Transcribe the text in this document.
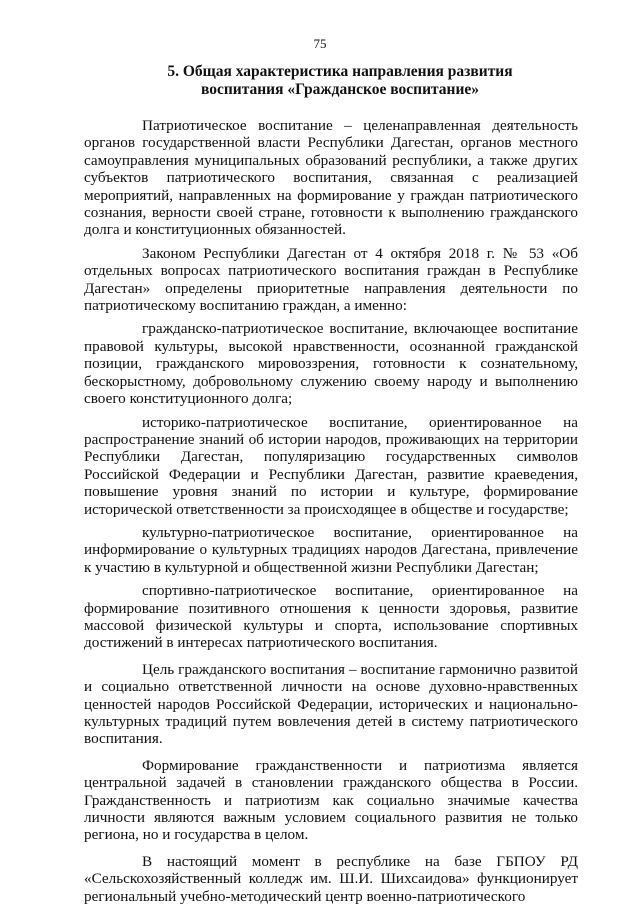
75
5. Общая характеристика направления развития
воспитания «Гражданское воспитание»

Патриотическое воспитание – целенаправленная деятельность органов государственной власти Республики Дагестан, органов местного самоуправления муниципальных образований республики, а также других субъектов патриотического воспитания, связанная с реализацией мероприятий, направленных на формирование у граждан патриотического сознания, верности своей стране, готовности к выполнению гражданского долга и конституционных обязанностей.

Законом Республики Дагестан от 4 октября 2018 г. № 53 «Об отдельных вопросах патриотического воспитания граждан в Республике Дагестан» определены приоритетные направления деятельности по патриотическому воспитанию граждан, а именно:

гражданско-патриотическое воспитание, включающее воспитание правовой культуры, высокой нравственности, осознанной гражданской позиции, гражданского мировоззрения, готовности к сознательному, бескорыстному, добровольному служению своему народу и выполнению своего конституционного долга;

историко-патриотическое воспитание, ориентированное на распространение знаний об истории народов, проживающих на территории Республики Дагестан, популяризацию государственных символов Российской Федерации и Республики Дагестан, развитие краеведения, повышение уровня знаний по истории и культуре, формирование исторической ответственности за происходящее в обществе и государстве;

культурно-патриотическое воспитание, ориентированное на информирование о культурных традициях народов Дагестана, привлечение к участию в культурной и общественной жизни Республики Дагестан;

спортивно-патриотическое воспитание, ориентированное на формирование позитивного отношения к ценности здоровья, развитие массовой физической культуры и спорта, использование спортивных достижений в интересах патриотического воспитания.

Цель гражданского воспитания – воспитание гармонично развитой и социально ответственной личности на основе духовно-нравственных ценностей народов Российской Федерации, исторических и национально-культурных традиций путем вовлечения детей в систему патриотического воспитания.

Формирование гражданственности и патриотизма является центральной задачей в становлении гражданского общества в России. Гражданственность и патриотизм как социально значимые качества личности являются важным условием социального развития не только региона, но и государства в целом.

В настоящий момент в республике на базе ГБПОУ РД «Сельскохозяйственный колледж им. Ш.И. Шихсаидова» функционирует региональный учебно-методический центр военно-патриотического
